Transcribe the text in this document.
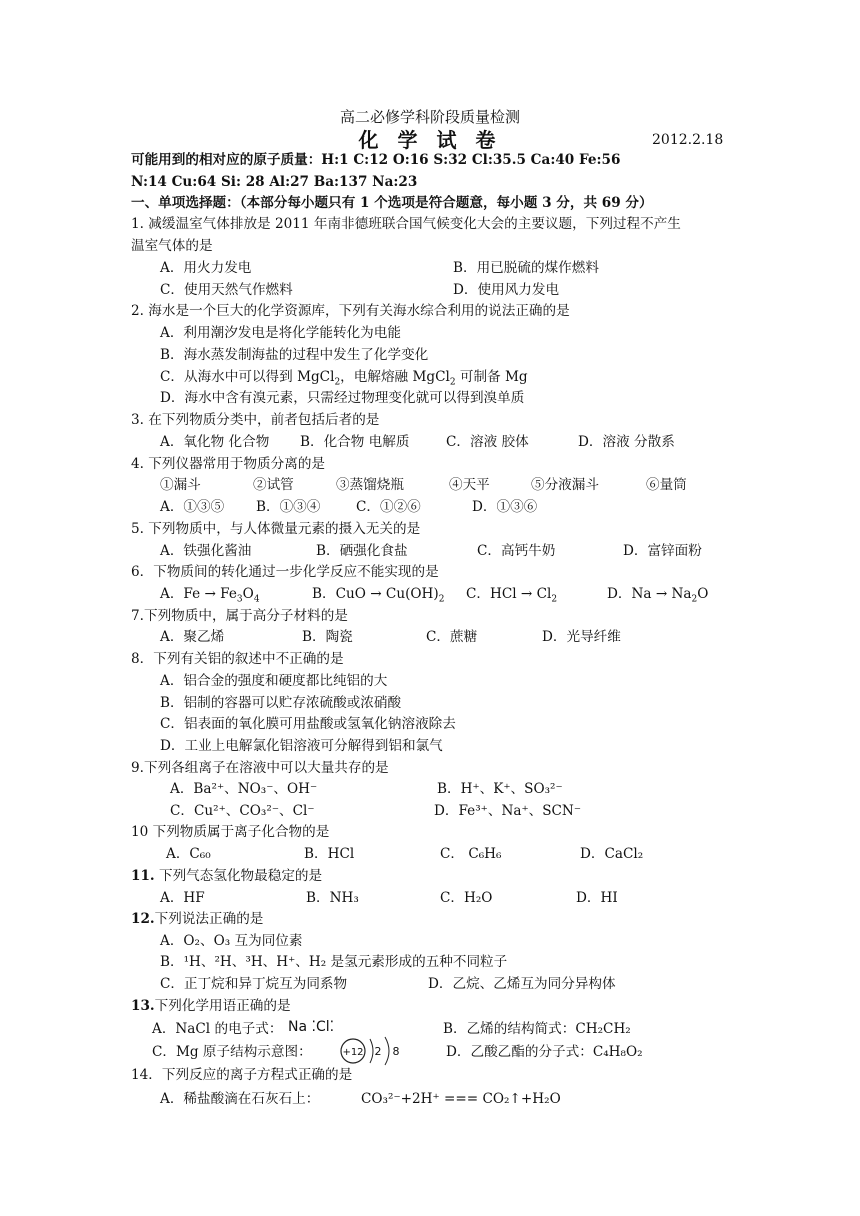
高二必修学科阶段质量检测
化 学 试 卷	2012.2.18
可能用到的相对应的原子质量：H:1 C:12 O:16 S:32 Cl:35.5 Ca:40 Fe:56
N:14 Cu:64 Si: 28 Al:27 Ba:137 Na:23
一、单项选择题：（本部分每小题只有 1 个选项是符合题意，每小题 3 分，共 69 分）
1. 减缓温室气体排放是 2011 年南非德班联合国气候变化大会的主要议题，下列过程不产生
温室气体的是
A．用火力发电	B．用已脱硫的煤作燃料
C．使用天然气作燃料	D．使用风力发电
2. 海水是一个巨大的化学资源库，下列有关海水综合利用的说法正确的是
A．利用潮汐发电是将化学能转化为电能
B．海水蒸发制海盐的过程中发生了化学变化
C．从海水中可以得到 MgCl$_2$，电解熔融 MgCl$_2$ 可制备 Mg
D．海水中含有溴元素，只需经过物理变化就可以得到溴单质
3. 在下列物质分类中，前者包括后者的是
A．氧化物 化合物 B．化合物 电解质	C．溶液 胶体	D．溶液 分散系
4. 下列仪器常用于物质分离的是
①漏斗	②试管	③蒸馏烧瓶	④天平	⑤分液漏斗	⑥量筒
A．①③⑤ B．①③④	C．①②⑥	D．①③⑥
5. 下列物质中，与人体微量元素的摄入无关的是
A．铁强化酱油	B．硒强化食盐	C．高钙牛奶	D．富锌面粉
6．下物质间的转化通过一步化学反应不能实现的是
A．$Fe \to Fe_3O_4$	B．CuO → $Cu(OH)_2$ C．HCl → $Cl_2$	D．$Na \to Na_2O$
7.下列物质中，属于高分子材料的是
A．聚乙烯	B．陶瓷	C．蔗糖	D．光导纤维
8．下列有关铝的叙述中不正确的是
A．铝合金的强度和硬度都比纯铝的大
B．铝制的容器可以贮存浓硫酸或浓硝酸
C．铝表面的氧化膜可用盐酸或氢氧化钠溶液除去
D．工业上电解氯化铝溶液可分解得到铝和氯气
9.下列各组离子在溶液中可以大量共存的是
A．Ba²⁺、NO₃⁻、OH⁻	B．H⁺、K⁺、SO₃²⁻
C．Cu²⁺、CO₃²⁻、Cl⁻	D．Fe³⁺、Na⁺、SCN⁻
10 下列物质属于离子化合物的是
A．C₆₀	B．HCl	C． C₆H₆	D．CaCl₂
11. 下列气态氢化物最稳定的是
A．HF	B．NH₃	C．H₂O	D．HI
12.下列说法正确的是
A．O₂、O₃ 互为同位素
B．¹H、²H、³H、H⁺、H₂ 是氢元素形成的五种不同粒子
C．正丁烷和异丁烷互为同系物	D．乙烷、乙烯互为同分异构体
13.下列化学用语正确的是
A．NaCl 的电子式： Na ⁚Cl⁚	B．乙烯的结构简式：CH₂CH₂
C．Mg 原子结构示意图：	+12 2 8	D．乙酸乙酯的分子式：C₄H₈O₂
14．下列反应的离子方程式正确的是
A．稀盐酸滴在石灰石上：	CO₃²⁻+2H⁺ === CO₂↑+H₂O
